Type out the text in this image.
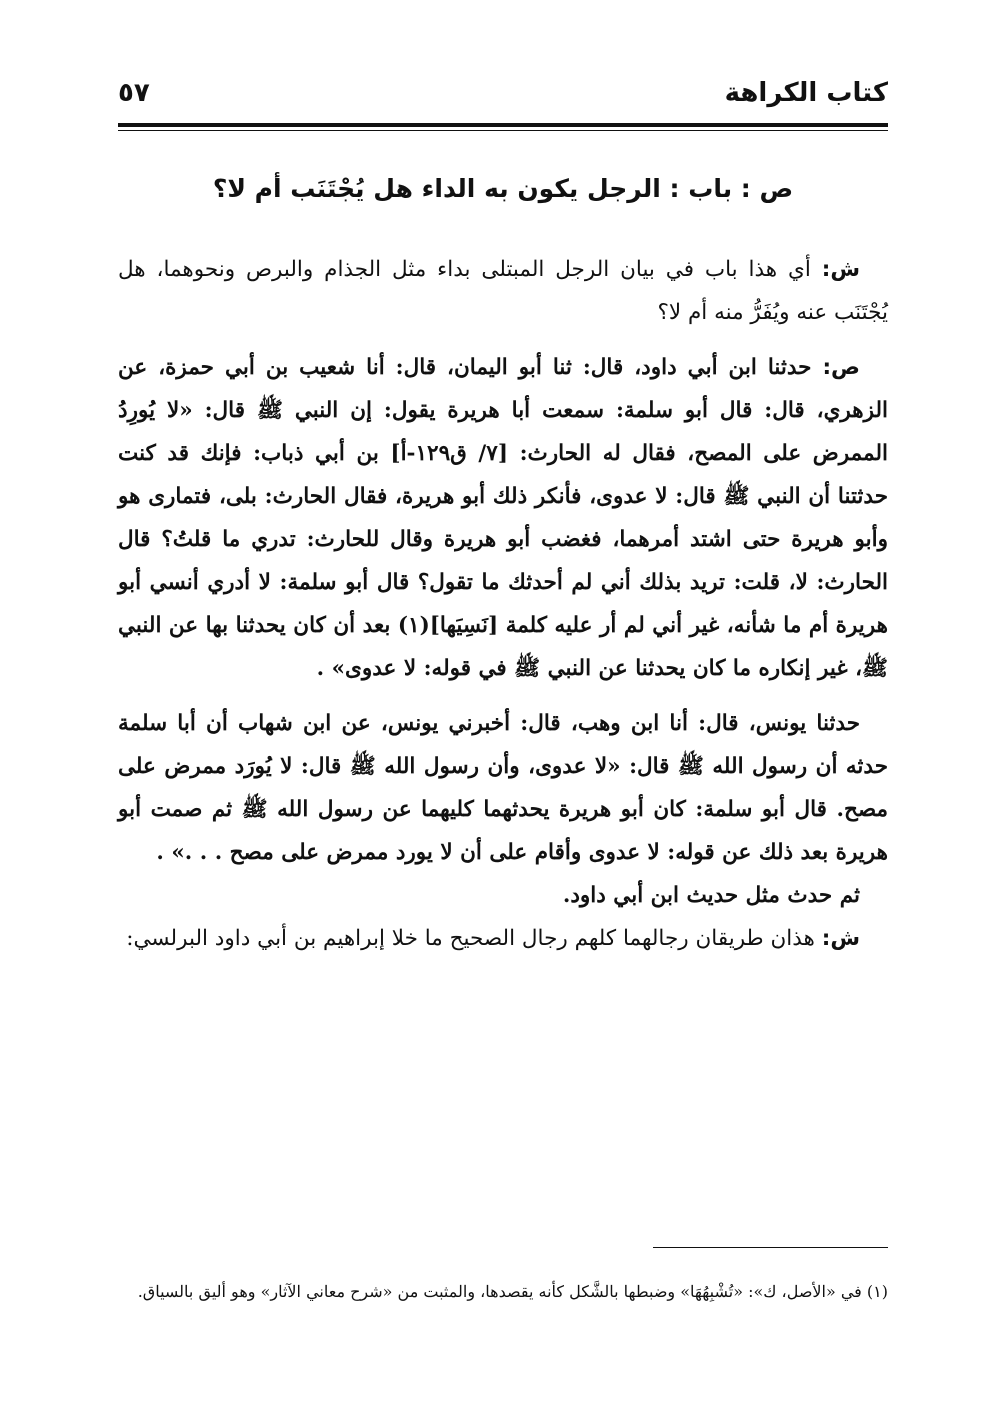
كتاب الكراهة
٥٧
ص : باب : الرجل يكون به الداء هل يُجْتَنَب أم لا؟

ش: أي هذا باب في بيان الرجل المبتلى بداء مثل الجذام والبرص ونحوهما، هل يُجْتَنَب عنه ويُفَرُّ منه أم لا؟

ص: حدثنا ابن أبي داود، قال: ثنا أبو اليمان، قال: أنا شعيب بن أبي حمزة، عن الزهري، قال: قال أبو سلمة: سمعت أبا هريرة يقول: إن النبي ﷺ قال: «لا يُورِدُ الممرض على المصح، فقال له الحارث: [٧/ ق١٢٩-أ] بن أبي ذباب: فإنك قد كنت حدثتنا أن النبي ﷺ قال: لا عدوى، فأنكر ذلك أبو هريرة، فقال الحارث: بلى، فتمارى هو وأبو هريرة حتى اشتد أمرهما، فغضب أبو هريرة وقال للحارث: تدري ما قلتُ؟ قال الحارث: لا، قلت: تريد بذلك أني لم أحدثك ما تقول؟ قال أبو سلمة: لا أدري أنسي أبو هريرة أم ما شأنه، غير أني لم أر عليه كلمة [نَسِيَها](١) بعد أن كان يحدثنا بها عن النبي ﷺ، غير إنكاره ما كان يحدثنا عن النبي ﷺ في قوله: لا عدوى» .

حدثنا يونس، قال: أنا ابن وهب، قال: أخبرني يونس، عن ابن شهاب أن أبا سلمة حدثه أن رسول الله ﷺ قال: «لا عدوى، وأن رسول الله ﷺ قال: لا يُورَد ممرض على مصح. قال أبو سلمة: كان أبو هريرة يحدثهما كليهما عن رسول الله ﷺ ثم صمت أبو هريرة بعد ذلك عن قوله: لا عدوى وأقام على أن لا يورد ممرض على مصح . . .» .

ثم حدث مثل حديث ابن أبي داود.

ش: هذان طريقان رجالهما كلهم رجال الصحيح ما خلا إبراهيم بن أبي داود البرلسي:

(١) في «الأصل، ك»: «تُشْبِهُهَا» وضبطها بالشَّكل كأنه يقصدها، والمثبت من «شرح معاني الآثار» وهو أليق بالسياق.
